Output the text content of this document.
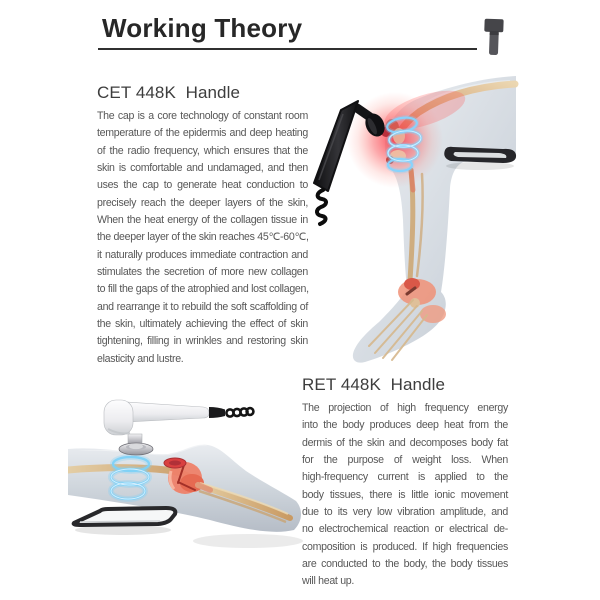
Working Theory
CET 448K  Handle
The cap is a core technology of constant room
temperature of the epidermis and deep heating
of the radio frequency, which ensures that the
skin is comfortable and undamaged, and then
uses the cap to generate heat conduction to
precisely reach the deeper layers of the skin,
When the heat energy of the collagen tissue in
the deeper layer of the skin reaches 45℃-60℃,
it naturally produces immediate contraction and
stimulates the secretion of more new collagen
to fill the gaps of the atrophied and lost collagen,
and rearrange it to rebuild the soft scaffolding of
the skin, ultimately achieving the effect of skin
tightening, filling in wrinkles and restoring skin
elasticity and lustre.
RET 448K  Handle
The projection of high frequency energy
into the body produces deep heat from the
dermis of the skin and decomposes body fat
for the purpose of weight loss. When
high-frequency current is applied to the
body tissues, there is little ionic movement
due to its very low vibration amplitude, and
no electrochemical reaction or electrical de-
composition is produced. If high frequencies
are conducted to the body, the body tissues
will heat up.
